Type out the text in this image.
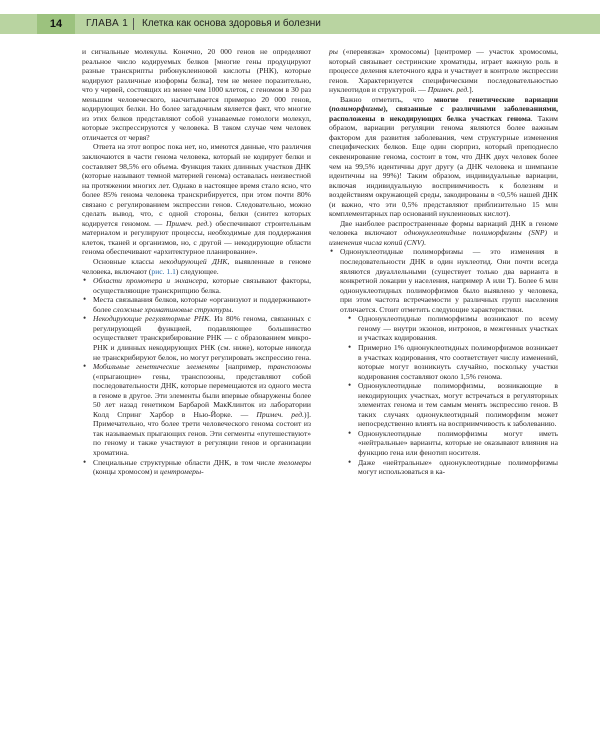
14	ГЛАВА 1 Клетка как основа здоровья и болезни

и сигнальные молекулы. Конечно, 20 000 генов не определяют реальное число кодируемых белков [многие гены продуцируют разные транскрипты рибонуклеиновой кислоты (РНК), которые кодируют различные изоформы белка], тем не менее поразительно, что у червей, состоящих из менее чем 1000 клеток, с геномом в 30 раз меньшим человеческого, насчитывается примерно 20 000 генов, кодирующих белки. Но более загадочным является факт, что многие из этих белков представляют собой узнаваемые гомологи молекул, которые экспрессируются у человека. В таком случае чем человек отличается от червя?

Ответа на этот вопрос пока нет, но, имеются данные, что различия заключаются в части генома человека, который не кодирует белки и составляет 98,5% его объема. Функция таких длинных участков ДНК (которые называют темной материей генома) оставалась неизвестной на протяжении многих лет. Однако в настоящее время стало ясно, что более 85% генома человека транскрибируется, при этом почти 80% связано с регулированием экспрессии генов. Следовательно, можно сделать вывод, что, с одной стороны, белки (синтез которых кодируется геномом. — Примеч. ред.) обеспечивают строительным материалом и регулируют процессы, необходимые для поддержания клеток, тканей и организмов, но, с другой — некодирующие области генома обеспечивают «архитектурное планирование».

Основные классы некодирующей ДНК, выявленные в геноме человека, включают (рис. 1.1) следующее.

• Области промотера и энхансера, которые связывают факторы, осуществляющие транскрипцию белка.
• Места связывания белков, которые «организуют и поддерживают» более сложные хроматиновые структуры.
• Некодирующие регуляторные РНК. Из 80% генома, связанных с регулирующей функцией, подавляющее большинство осуществляет транскрибирование РНК — с образованием микро-РНК и длинных некодирующих РНК (см. ниже), которые никогда не транскрибируют белок, но могут регулировать экспрессию гена.
• Мобильные генетические элементы [например, транспозоны («прыгающие» гены, транспозоны, представляют собой последовательности ДНК, которые перемещаются из одного места в геноме в другое. Эти элементы были впервые обнаружены более 50 лет назад генетиком Барбарой МакКлинток из лаборатории Колд Спринг Харбор в Нью-Йорке. — Примеч. ред.)]. Примечательно, что более трети человеческого генома состоит из так называемых прыгающих генов. Эти сегменты «путешествуют» по геному и также участвуют в регуляции генов и организации хроматина.
• Специальные структурные области ДНК, в том числе теломеры (концы хромосом) и центромеры-

ры («перевязка» хромосомы) [центромер — участок хромосомы, который связывает сестринские хроматиды, играет важную роль в процессе деления клеточного ядра и участвует в контроле экспрессии генов. Характеризуется специфическими последовательностью нуклеотидов и структурой. — Примеч. ред.].

Важно отметить, что многие генетические вариации (полиморфизмы), связанные с различными заболеваниями, расположены в некодирующих белка участках генома. Таким образом, вариации регуляции генома являются более важным фактором для развития заболевания, чем структурные изменения специфических белков. Еще один сюрприз, который преподнесло секвенирование генома, состоит в том, что ДНК двух человек более чем на 99,5% идентичны друг другу (а ДНК человека и шимпанзе идентичны на 99%)! Таким образом, индивидуальные вариации, включая индивидуальную восприимчивость к болезням и воздействиям окружающей среды, закодированы в <0,5% нашей ДНК (и важно, что эти 0,5% представляют приблизительно 15 млн комплементарных пар оснований нуклеиновых кислот).

Две наиболее распространенные формы вариаций ДНК в геноме человека включают однонуклеотидные полиморфизмы (SNP) и изменения числа копий (CNV).

• Однонуклеотидные полиморфизмы — это изменения в последовательности ДНК в один нуклеотид. Они почти всегда являются двуаллельными (существует только два варианта в конкретной локации у населения, например А или Т). Более 6 млн однонуклеотидных полиморфизмов было выявлено у человека, при этом частота встречаемости у различных групп населения отличается. Стоит отметить следующие характеристики.
• Однонуклеотидные полиморфизмы возникают по всему геному — внутри экзонов, интронов, в межгенных участках и участках кодирования.
• Примерно 1% однонуклеотидных полиморфизмов возникает в участках кодирования, что соответствует числу изменений, которые могут возникнуть случайно, поскольку участки кодирования составляют около 1,5% генома.
• Однонуклеотидные полиморфизмы, возникающие в некодирующих участках, могут встречаться в регуляторных элементах генома и тем самым менять экспрессию генов. В таких случаях однонуклеотидный полиморфизм может непосредственно влиять на восприимчивость к заболеванию.
• Однонуклеотидные полиморфизмы могут иметь «нейтральные» варианты, которые не оказывают влияния на функцию гена или фенотип носителя.
• Даже «нейтральные» однонуклеотидные полиморфизмы могут использоваться в ка-
